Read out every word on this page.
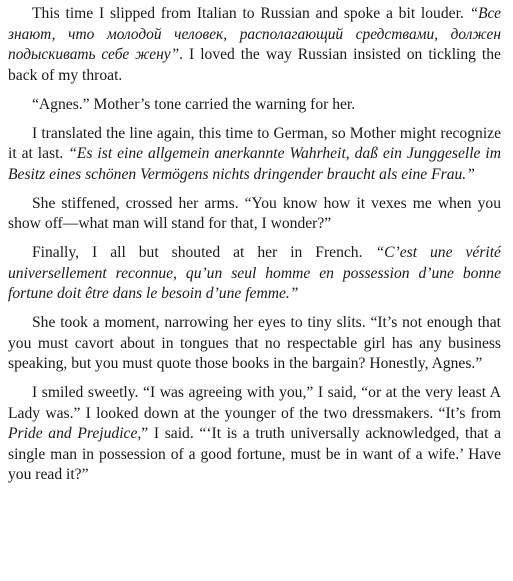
This time I slipped from Italian to Russian and spoke a bit louder. “Все знают, что молодой человек, располагающий средствами, должен подыскивать себе жену”. I loved the way Russian insisted on tickling the back of my throat.

“Agnes.” Mother’s tone carried the warning for her.

I translated the line again, this time to German, so Mother might recognize it at last. “Es ist eine allgemein anerkannte Wahrheit, daß ein Junggeselle im Besitz eines schönen Vermögens nichts dringender braucht als eine Frau.”

She stiffened, crossed her arms. “You know how it vexes me when you show off—what man will stand for that, I wonder?”

Finally, I all but shouted at her in French. “C’est une vérité universellement reconnue, qu’un seul homme en possession d’une bonne fortune doit être dans le besoin d’une femme.”

She took a moment, narrowing her eyes to tiny slits. “It’s not enough that you must cavort about in tongues that no respectable girl has any business speaking, but you must quote those books in the bargain? Honestly, Agnes.”

I smiled sweetly. “I was agreeing with you,” I said, “or at the very least A Lady was.” I looked down at the younger of the two dressmakers. “It’s from Pride and Prejudice,” I said. “‘It is a truth universally acknowledged, that a single man in possession of a good fortune, must be in want of a wife.’ Have you read it?”
